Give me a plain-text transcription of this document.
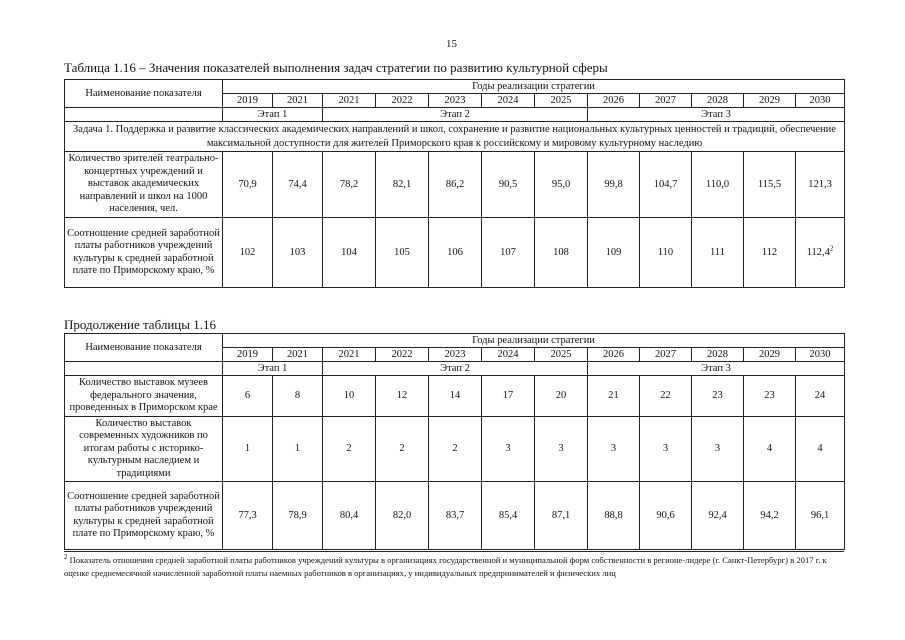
15
Таблица 1.16 – Значения показателей выполнения задач стратегии по развитию культурной сферы
Наименование показателя	Годы реализации стратегии											
	2019	2021	2021	2022	2023	2024	2025	2026	2027	2028	2029	2030
	Этап 1		Этап 2					Этап 3				
Задача 1. Поддержка и развитие классических академических направлений и школ, сохранение и развитие национальных культурных ценностей и традиций, обеспечение максимальной доступности для жителей Приморского края к российскому и мировому культурному наследию												
Количество зрителей театрально-концертных учреждений и выставок академических направлений и школ на 1000 населения, чел.	70,9	74,4	78,2	82,1	86,2	90,5	95,0	99,8	104,7	110,0	115,5	121,3
Соотношение средней заработной платы работников учреждений культуры к средней заработной плате по Приморскому краю, %	102	103	104	105	106	107	108	109	110	111	112	112,4$^2$
Продолжение таблицы 1.16
Наименование показателя	Годы реализации стратегии											
	2019	2021	2021	2022	2023	2024	2025	2026	2027	2028	2029	2030
	Этап 1		Этап 2					Этап 3				
Количество выставок музеев федерального значения, проведенных в Приморском крае	6	8	10	12	14	17	20	21	22	23	23	24
Количество выставок современных художников по итогам работы с историко-культурным наследием и традициями	1	1	2	2	2	3	3	3	3	3	4	4
Соотношение средней заработной платы работников учреждений культуры к средней заработной плате по Приморскому краю, %	77,3	78,9	80,4	82,0	83,7	85,4	87,1	88,8	90,6	92,4	94,2	96,1
$^2$ Показатель отношения средней заработной платы работников учреждений культуры в организациях государственной и муниципальной форм собственности в регионе-лидере (г. Санкт-Петербург) в 2017 г. к оценке среднемесячной начисленной заработной платы наемных работников в организациях, у индивидуальных предпринимателей и физических лиц
